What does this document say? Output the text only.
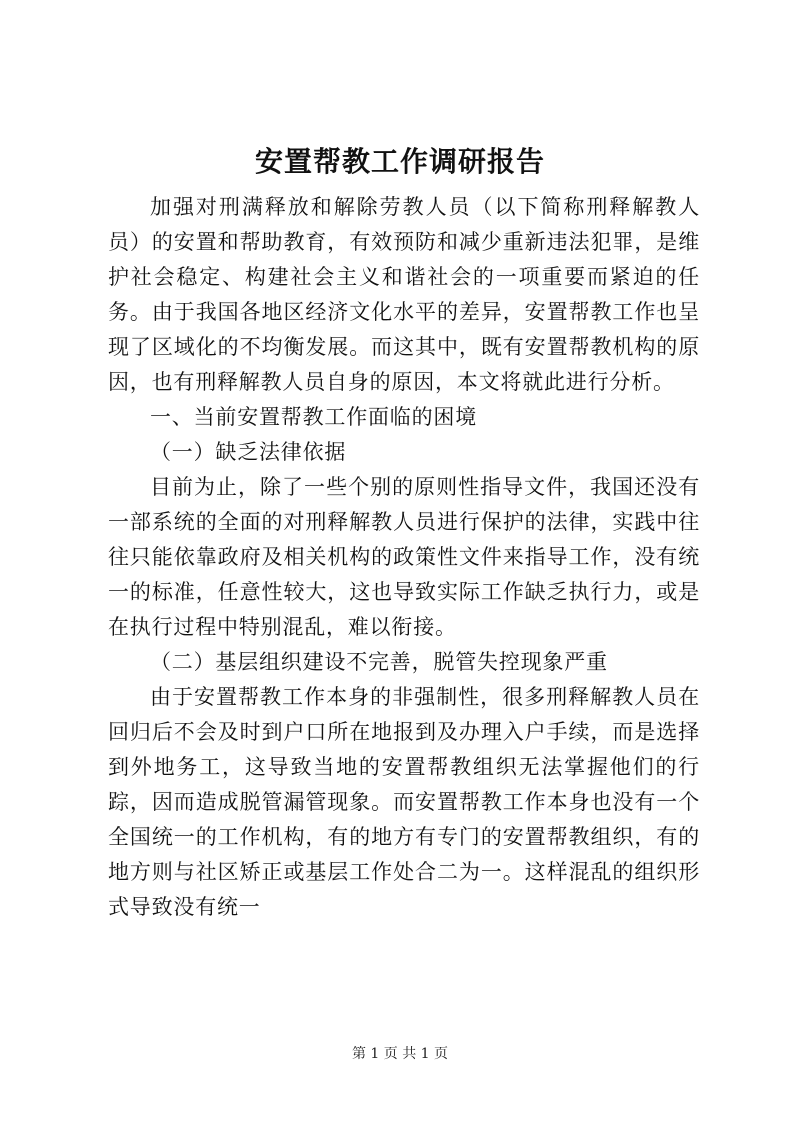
安置帮教工作调研报告

加强对刑满释放和解除劳教人员（以下简称刑释解教人员）的安置和帮助教育，有效预防和减少重新违法犯罪，是维护社会稳定、构建社会主义和谐社会的一项重要而紧迫的任务。由于我国各地区经济文化水平的差异，安置帮教工作也呈现了区域化的不均衡发展。而这其中，既有安置帮教机构的原因，也有刑释解教人员自身的原因，本文将就此进行分析。

一、当前安置帮教工作面临的困境

（一）缺乏法律依据

目前为止，除了一些个别的原则性指导文件，我国还没有一部系统的全面的对刑释解教人员进行保护的法律，实践中往往只能依靠政府及相关机构的政策性文件来指导工作，没有统一的标准，任意性较大，这也导致实际工作缺乏执行力，或是在执行过程中特别混乱，难以衔接。

（二）基层组织建设不完善，脱管失控现象严重

由于安置帮教工作本身的非强制性，很多刑释解教人员在回归后不会及时到户口所在地报到及办理入户手续，而是选择到外地务工，这导致当地的安置帮教组织无法掌握他们的行踪，因而造成脱管漏管现象。而安置帮教工作本身也没有一个全国统一的工作机构，有的地方有专门的安置帮教组织，有的地方则与社区矫正或基层工作处合二为一。这样混乱的组织形式导致没有统一

第 1 页 共 1 页
